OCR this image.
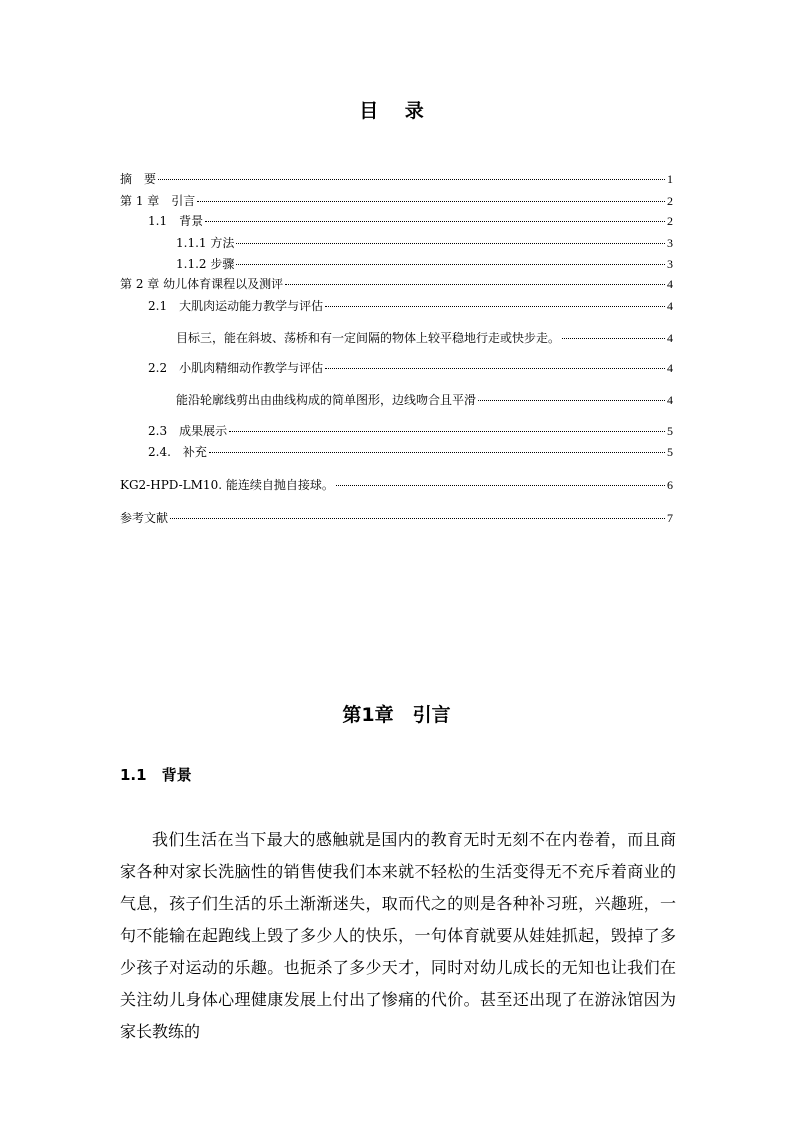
目 录
摘　要	1
第 1 章　引言	2
1.1　背景	2
1.1.1 方法	3
1.1.2 步骤	3
第 2 章 幼儿体育课程以及测评	4
2.1　大肌肉运动能力教学与评估	4
目标三，能在斜坡、荡桥和有一定间隔的物体上较平稳地行走或快步走。	4
2.2　小肌肉精细动作教学与评估	4
能沿轮廓线剪出由曲线构成的简单图形，边线吻合且平滑	4
2.3　成果展示	5
2.4.　补充	5
KG2-HPD-LM10. 能连续自抛自接球。	6
参考文献	7
第1章　引言
1.1　背景
我们生活在当下最大的感触就是国内的教育无时无刻不在内卷着，而且商家各种对家长洗脑性的销售使我们本来就不轻松的生活变得无不充斥着商业的气息，孩子们生活的乐土渐渐迷失，取而代之的则是各种补习班，兴趣班，一句不能输在起跑线上毁了多少人的快乐，一句体育就要从娃娃抓起，毁掉了多少孩子对运动的乐趣。也扼杀了多少天才，同时对幼儿成长的无知也让我们在关注幼儿身体心理健康发展上付出了惨痛的代价。甚至还出现了在游泳馆因为家长教练的
